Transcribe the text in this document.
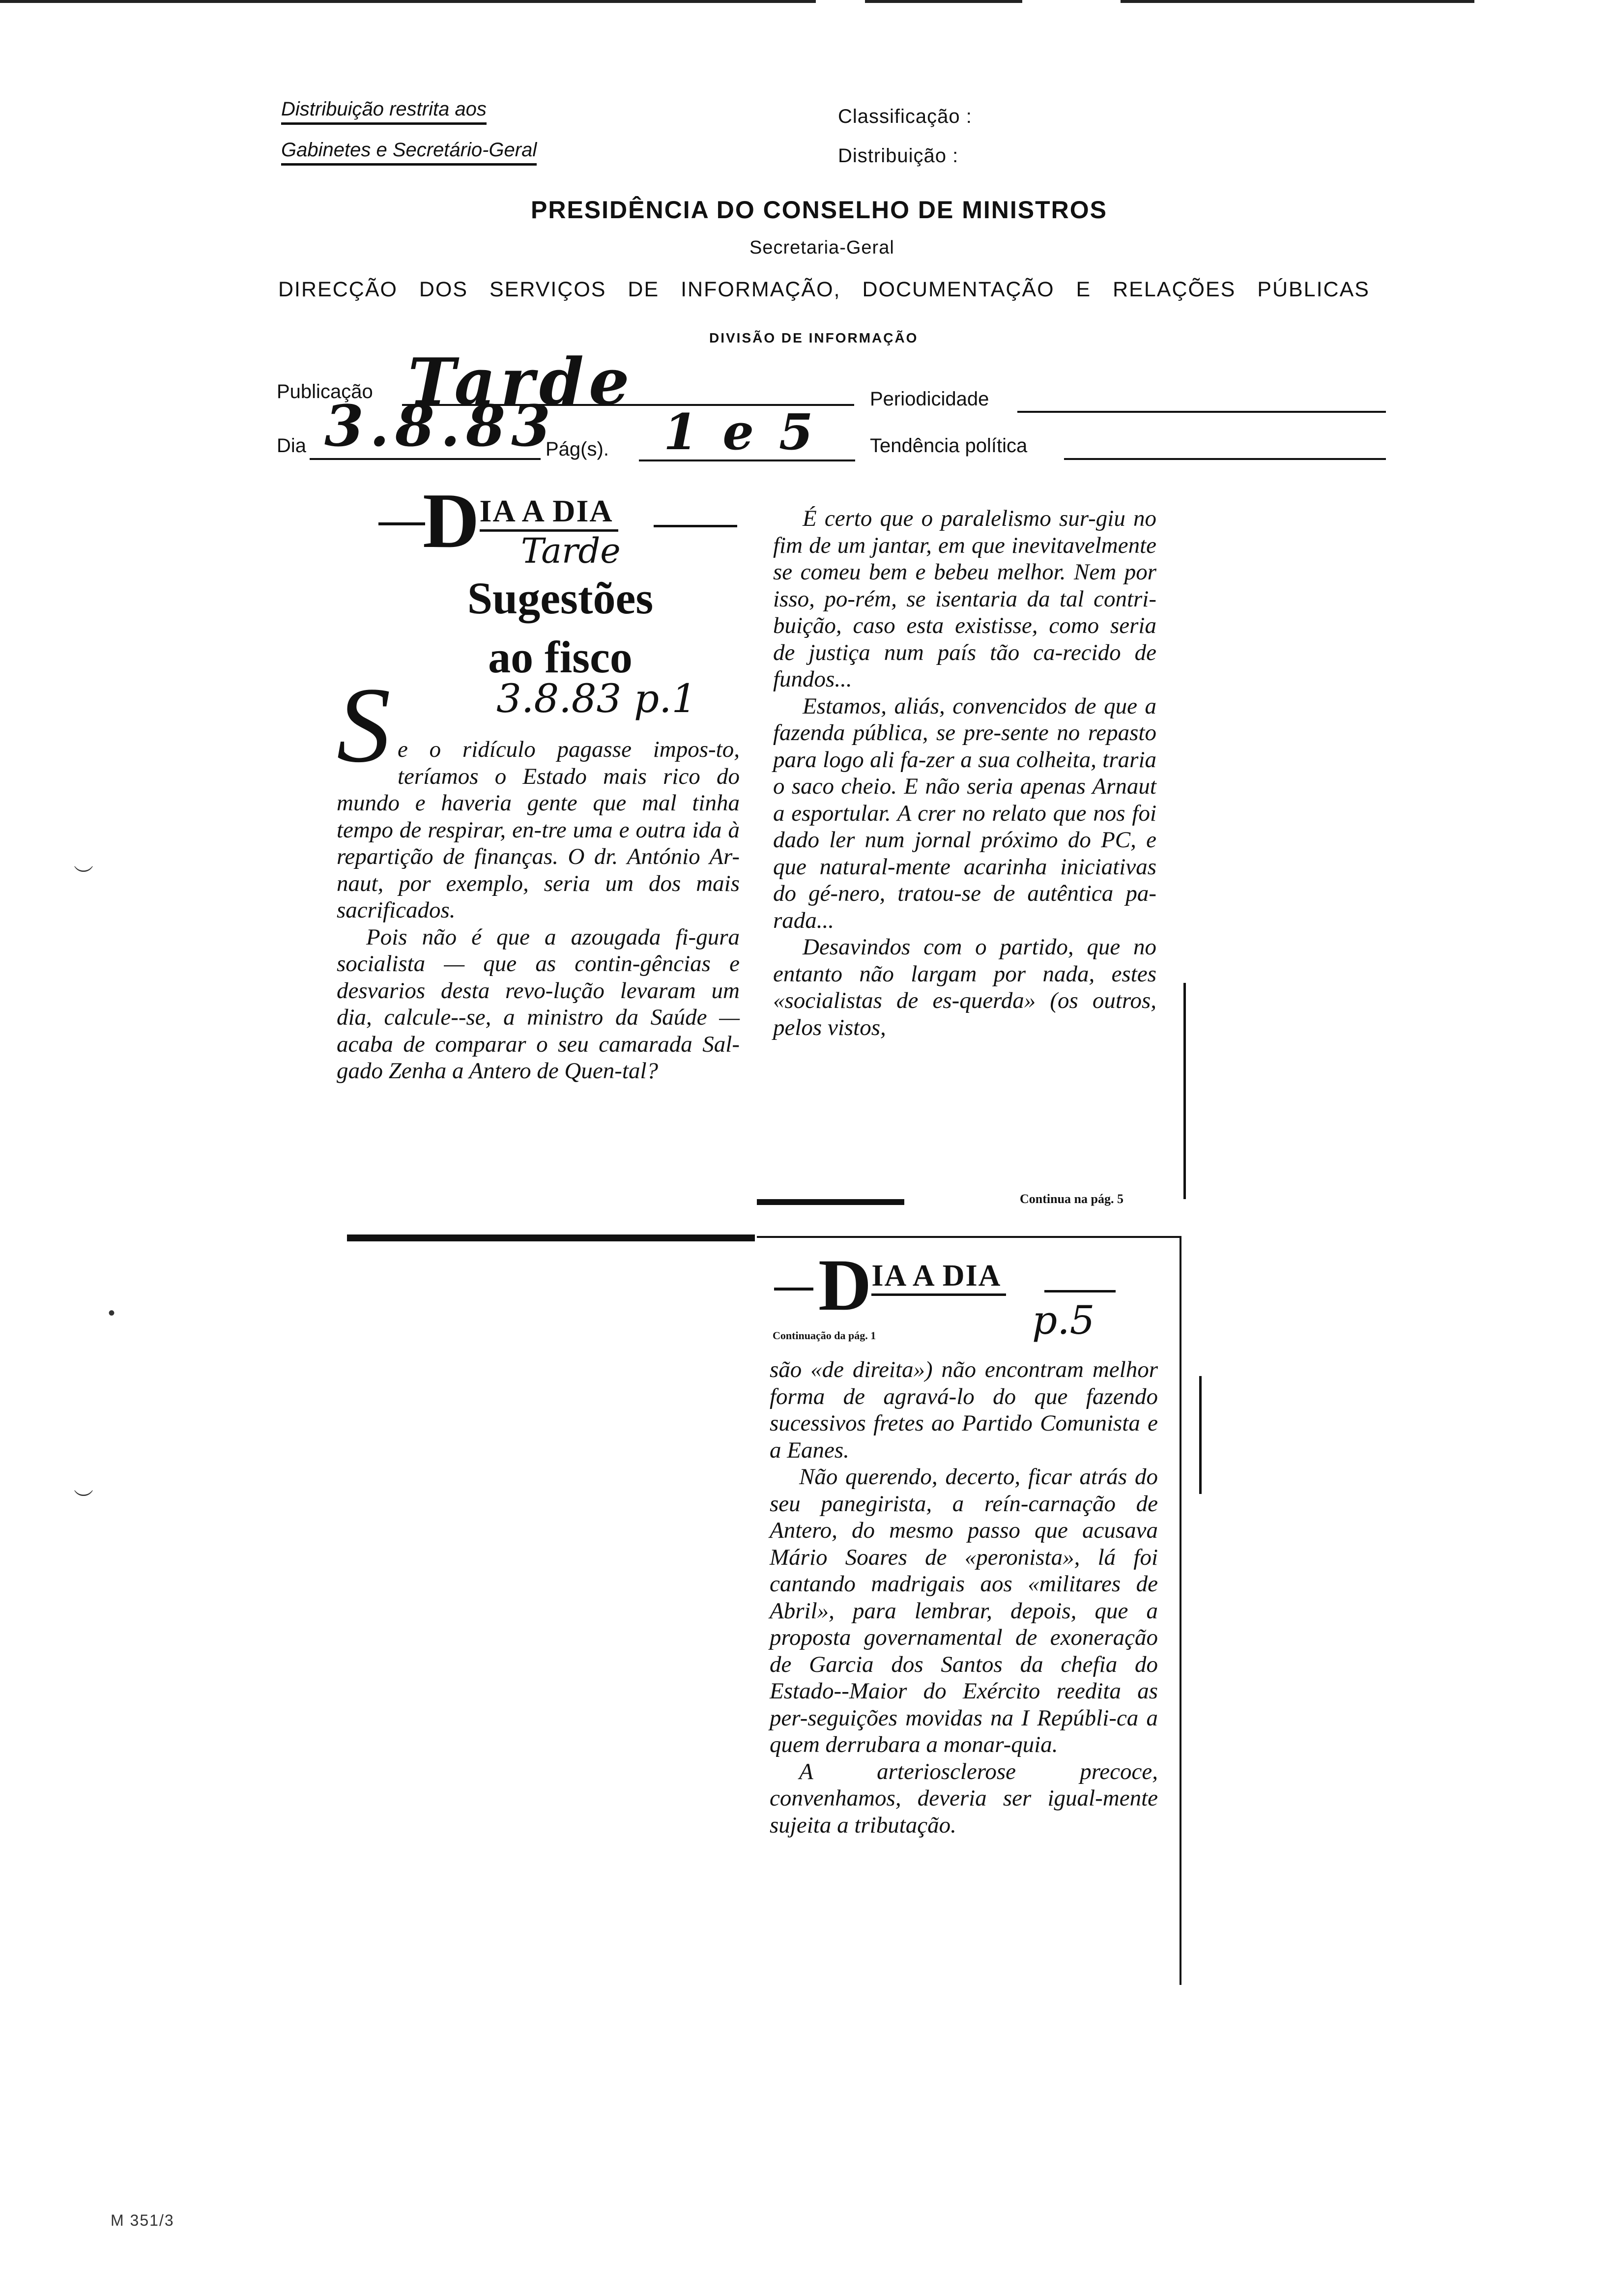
Distribuição restrita aos
Gabinetes e Secretário-Geral
Classificação :
Distribuição :
PRESIDÊNCIA DO CONSELHO DE MINISTROS
Secretaria-Geral
DIRECÇÃO DOS SERVIÇOS DE INFORMAÇÃO, DOCUMENTAÇÃO E RELAÇÕES PÚBLICAS
DIVISÃO DE INFORMAÇÃO
Publicação Tarde	Periodicidade
Dia 3.8.83
Pág(s). 1 e 5	Tendência política
D IA A DIA
Tarde
Sugestões
ao fisco
3.8.83 p.1
S e o ridículo pagasse impos-to, teríamos o Estado mais rico do mundo e haveria gente que mal tinha tempo de respirar, en-tre uma e outra ida à repartição de finanças. O dr. António Ar-naut, por exemplo, seria um dos mais sacrificados.

Pois não é que a azougada fi-gura socialista — que as contin-gências e desvarios desta revo-lução levaram um dia, calcule--se, a ministro da Saúde — acaba de comparar o seu camarada Sal-gado Zenha a Antero de Quen-tal?

É certo que o paralelismo sur-giu no fim de um jantar, em que inevitavelmente se comeu bem e bebeu melhor. Nem por isso, po-rém, se isentaria da tal contri-buição, caso esta existisse, como seria de justiça num país tão ca-recido de fundos...

Estamos, aliás, convencidos de que a fazenda pública, se pre-sente no repasto para logo ali fa-zer a sua colheita, traria o saco cheio. E não seria apenas Arnaut a esportular. A crer no relato que nos foi dado ler num jornal próximo do PC, e que natural-mente acarinha iniciativas do gé-nero, tratou-se de autêntica pa-rada...

Desavindos com o partido, que no entanto não largam por nada, estes «socialistas de es-querda» (os outros, pelos vistos,

Continua na pág. 5
D IA A DIA
Continuação da pág. 1	p.5

são «de direita») não encontram melhor forma de agravá-lo do que fazendo sucessivos fretes ao Partido Comunista e a Eanes.

Não querendo, decerto, ficar atrás do seu panegirista, a reín-carnação de Antero, do mesmo passo que acusava Mário Soares de «peronista», lá foi cantando madrigais aos «militares de Abril», para lembrar, depois, que a proposta governamental de exoneração de Garcia dos Santos da chefia do Estado--Maior do Exército reedita as per-seguições movidas na I Repúbli-ca a quem derrubara a monar-quia.

A arteriosclerose precoce, convenhamos, deveria ser igual-mente sujeita a tributação.

︶
︶
•
M 351/3
